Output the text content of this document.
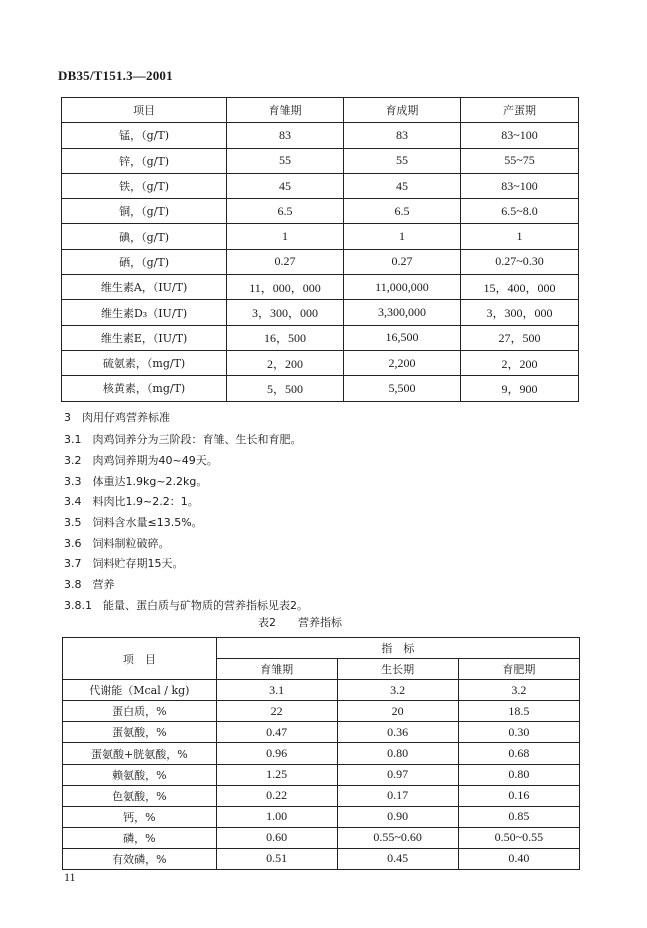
DB35/T151.3—2001
项目	育雏期	育成期	产蛋期
锰，（g/T)	83	83	83~100
锌，（g/T)	55	55	55~75
铁，（g/T)	45	45	83~100
铜，（g/T)	6.5	6.5	6.5~8.0
碘，（g/T)	1	1	1
硒，（g/T)	0.27	0.27	0.27~0.30
维生素A，（IU/T)	11，000，000	11,000,000	15，400，000
维生素D₃（IU/T)	3，300，000	3,300,000	3，300，000
维生素E，（IU/T)	16，500	16,500	27，500
硫氨素，（mg/T)	2，200	2,200	2，200
核黄素，（mg/T)	5，500	5,500	9，900
3　肉用仔鸡营养标准
3.1　肉鸡饲养分为三阶段：育雏、生长和育肥。
3.2　肉鸡饲养期为40~49天。
3.3　体重达1.9kg~2.2kg。
3.4　料肉比1.9~2.2：1。
3.5　饲料含水量≤13.5%。
3.6　饲料制粒破碎。
3.7　饲料贮存期15天。
3.8　营养
3.8.1　能量、蛋白质与矿物质的营养指标见表2。
表2　　营养指标
项　目	指　标		
	育雏期	生长期	育肥期
代谢能（Mcal / kg)	3.1	3.2	3.2
蛋白质，%	22	20	18.5
蛋氨酸，%	0.47	0.36	0.30
蛋氨酸+胱氨酸，%	0.96	0.80	0.68
赖氨酸，%	1.25	0.97	0.80
色氨酸，%	0.22	0.17	0.16
钙，%	1.00	0.90	0.85
磷，%	0.60	0.55~0.60	0.50~0.55
有效磷，%	0.51	0.45	0.40
11
